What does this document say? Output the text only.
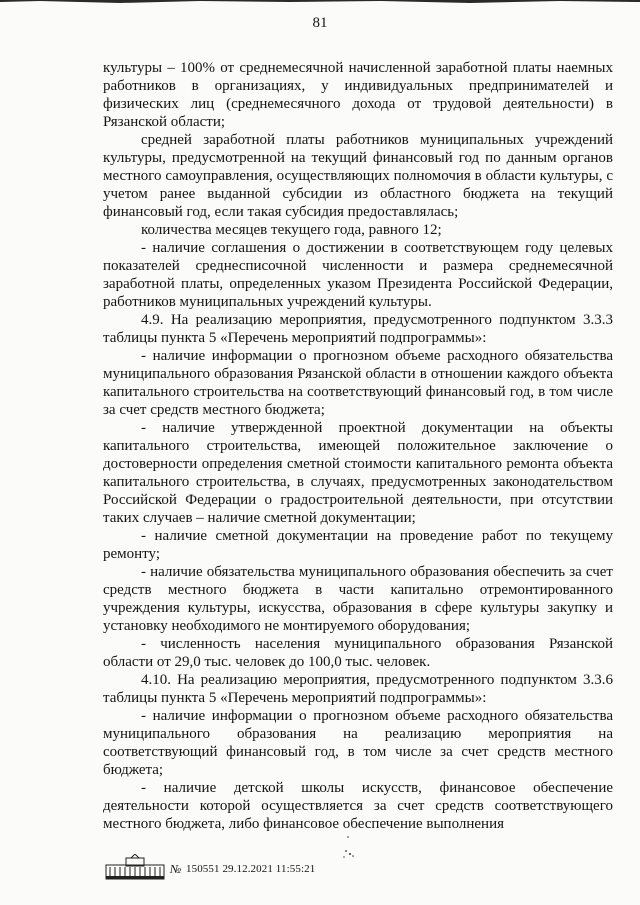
81

культуры – 100% от среднемесячной начисленной заработной платы наемных работников в организациях, у индивидуальных предпринимателей и физических лиц (среднемесячного дохода от трудовой деятельности) в Рязанской области;

средней заработной платы работников муниципальных учреждений культуры, предусмотренной на текущий финансовый год по данным органов местного самоуправления, осуществляющих полномочия в области культуры, с учетом ранее выданной субсидии из областного бюджета на текущий финансовый год, если такая субсидия предоставлялась;

количества месяцев текущего года, равного 12;

- наличие соглашения о достижении в соответствующем году целевых показателей среднесписочной численности и размера среднемесячной заработной платы, определенных указом Президента Российской Федерации, работников муниципальных учреждений культуры.

4.9. На реализацию мероприятия, предусмотренного подпунктом 3.3.3 таблицы пункта 5 «Перечень мероприятий подпрограммы»:

- наличие информации о прогнозном объеме расходного обязательства муниципального образования Рязанской области в отношении каждого объекта капитального строительства на соответствующий финансовый год, в том числе за счет средств местного бюджета;

- наличие утвержденной проектной документации на объекты капитального строительства, имеющей положительное заключение о достоверности определения сметной стоимости капитального ремонта объекта капитального строительства, в случаях, предусмотренных законодательством Российской Федерации о градостроительной деятельности, при отсутствии таких случаев – наличие сметной документации;

- наличие сметной документации на проведение работ по текущему ремонту;

- наличие обязательства муниципального образования обеспечить за счет средств местного бюджета в части капитально отремонтированного учреждения культуры, искусства, образования в сфере культуры закупку и установку необходимого не монтируемого оборудования;

- численность населения муниципального образования Рязанской области от 29,0 тыс. человек до 100,0 тыс. человек.

4.10. На реализацию мероприятия, предусмотренного подпунктом 3.3.6 таблицы пункта 5 «Перечень мероприятий подпрограммы»:

- наличие информации о прогнозном объеме расходного обязательства муниципального образования на реализацию мероприятия на соответствующий финансовый год, в том числе за счет средств местного бюджета;

- наличие детской школы искусств, финансовое обеспечение деятельности которой осуществляется за счет средств соответствующего местного бюджета, либо финансовое обеспечение выполнения

№ 150551 29.12.2021 11:55:21
